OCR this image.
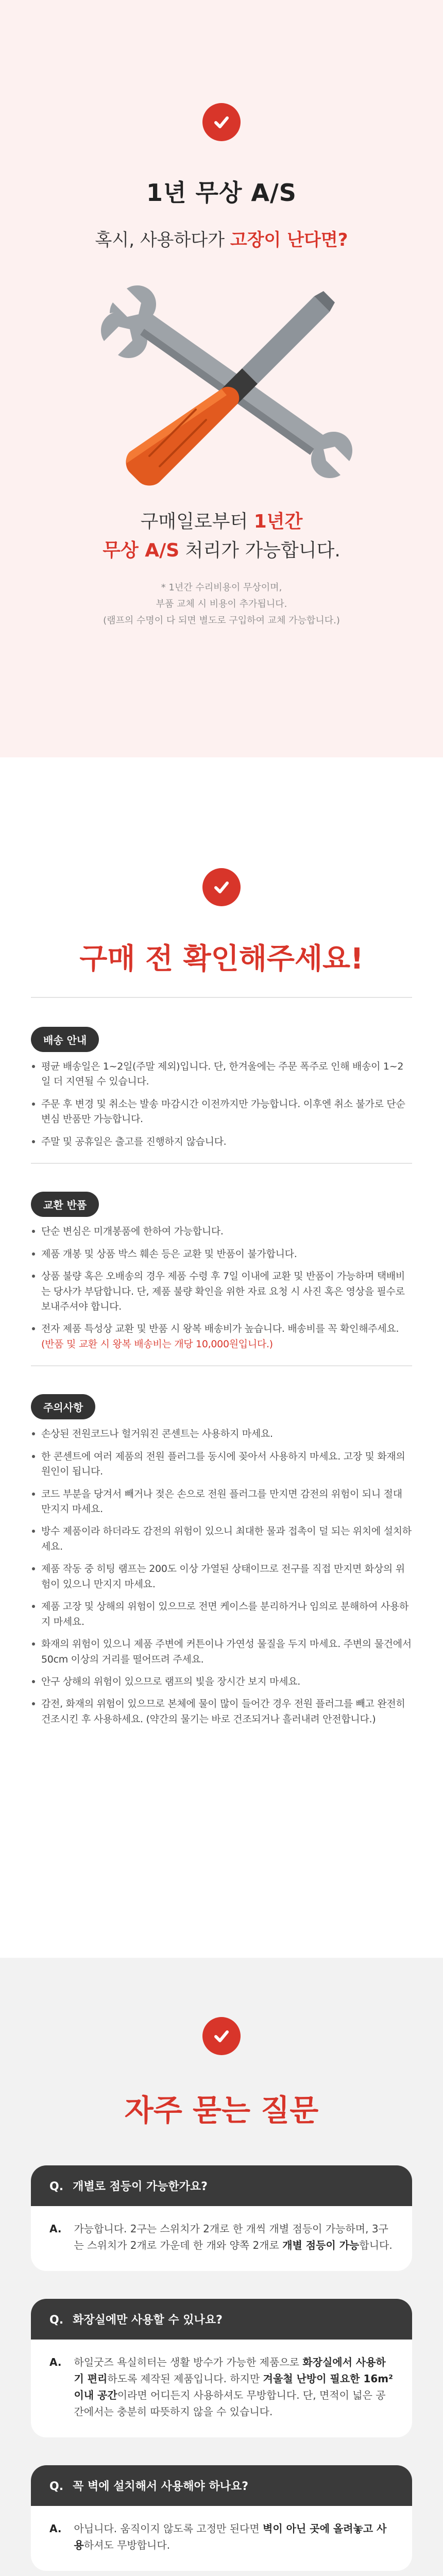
1년 무상 A/S
혹시, 사용하다가 고장이 난다면?
구매일로부터 1년간
무상 A/S 처리가 가능합니다.
* 1년간 수리비용이 무상이며,
부품 교체 시 비용이 추가됩니다.
(램프의 수명이 다 되면 별도로 구입하여 교체 가능합니다.)
구매 전 확인해주세요!
배송 안내
평균 배송일은 1~2일(주말 제외)입니다. 단, 한겨울에는 주문 폭주로 인해 배송이 1~2일 더 지연될 수 있습니다.
주문 후 변경 및 취소는 발송 마감시간 이전까지만 가능합니다. 이후엔 취소 불가로 단순 변심 반품만 가능합니다.
주말 및 공휴일은 출고를 진행하지 않습니다.
교환 반품
단순 변심은 미개봉품에 한하여 가능합니다.
제품 개봉 및 상품 박스 훼손 등은 교환 및 반품이 불가합니다.
상품 불량 혹은 오배송의 경우 제품 수령 후 7일 이내에 교환 및 반품이 가능하며 택배비는 당사가 부담합니다. 단, 제품 불량 확인을 위한 자료 요청 시 사진 혹은 영상을 필수로 보내주셔야 합니다.
전자 제품 특성상 교환 및 반품 시 왕복 배송비가 높습니다. 배송비를 꼭 확인해주세요. (반품 및 교환 시 왕복 배송비는 개당 10,000원입니다.)
주의사항
손상된 전원코드나 헐거워진 콘센트는 사용하지 마세요.
한 콘센트에 여러 제품의 전원 플러그를 동시에 꽂아서 사용하지 마세요. 고장 및 화재의 원인이 됩니다.
코드 부분을 당겨서 빼거나 젖은 손으로 전원 플러그를 만지면 감전의 위험이 되니 절대 만지지 마세요.
방수 제품이라 하더라도 감전의 위험이 있으니 최대한 물과 접촉이 덜 되는 위치에 설치하세요.
제품 작동 중 히팅 램프는 200도 이상 가열된 상태이므로 전구를 직접 만지면 화상의 위험이 있으니 만지지 마세요.
제품 고장 및 상해의 위험이 있으므로 전면 케이스를 분리하거나 임의로 분해하여 사용하지 마세요.
화재의 위험이 있으니 제품 주변에 커튼이나 가연성 물질을 두지 마세요. 주변의 물건에서 50cm 이상의 거리를 떨어뜨려 주세요.
안구 상해의 위험이 있으므로 램프의 빛을 장시간 보지 마세요.
감전, 화재의 위험이 있으므로 본체에 물이 많이 들어간 경우 전원 플러그를 빼고 완전히 건조시킨 후 사용하세요. (약간의 물기는 바로 건조되거나 흘러내려 안전합니다.)
자주 묻는 질문
Q. 개별로 점등이 가능한가요?
A. 가능합니다. 2구는 스위치가 2개로 한 개씩 개별 점등이 가능하며, 3구는 스위치가 2개로 가운데 한 개와 양쪽 2개로 개별 점등이 가능합니다.
Q. 화장실에만 사용할 수 있나요?
A. 하일굿즈 욕실히터는 생활 방수가 가능한 제품으로 화장실에서 사용하기 편리하도록 제작된 제품입니다. 하지만 겨울철 난방이 필요한 16m² 이내 공간이라면 어디든지 사용하셔도 무방합니다. 단, 면적이 넓은 공간에서는 충분히 따뜻하지 않을 수 있습니다.
Q. 꼭 벽에 설치해서 사용해야 하나요?
A. 아닙니다. 움직이지 않도록 고정만 된다면 벽이 아닌 곳에 올려놓고 사용하셔도 무방합니다.
